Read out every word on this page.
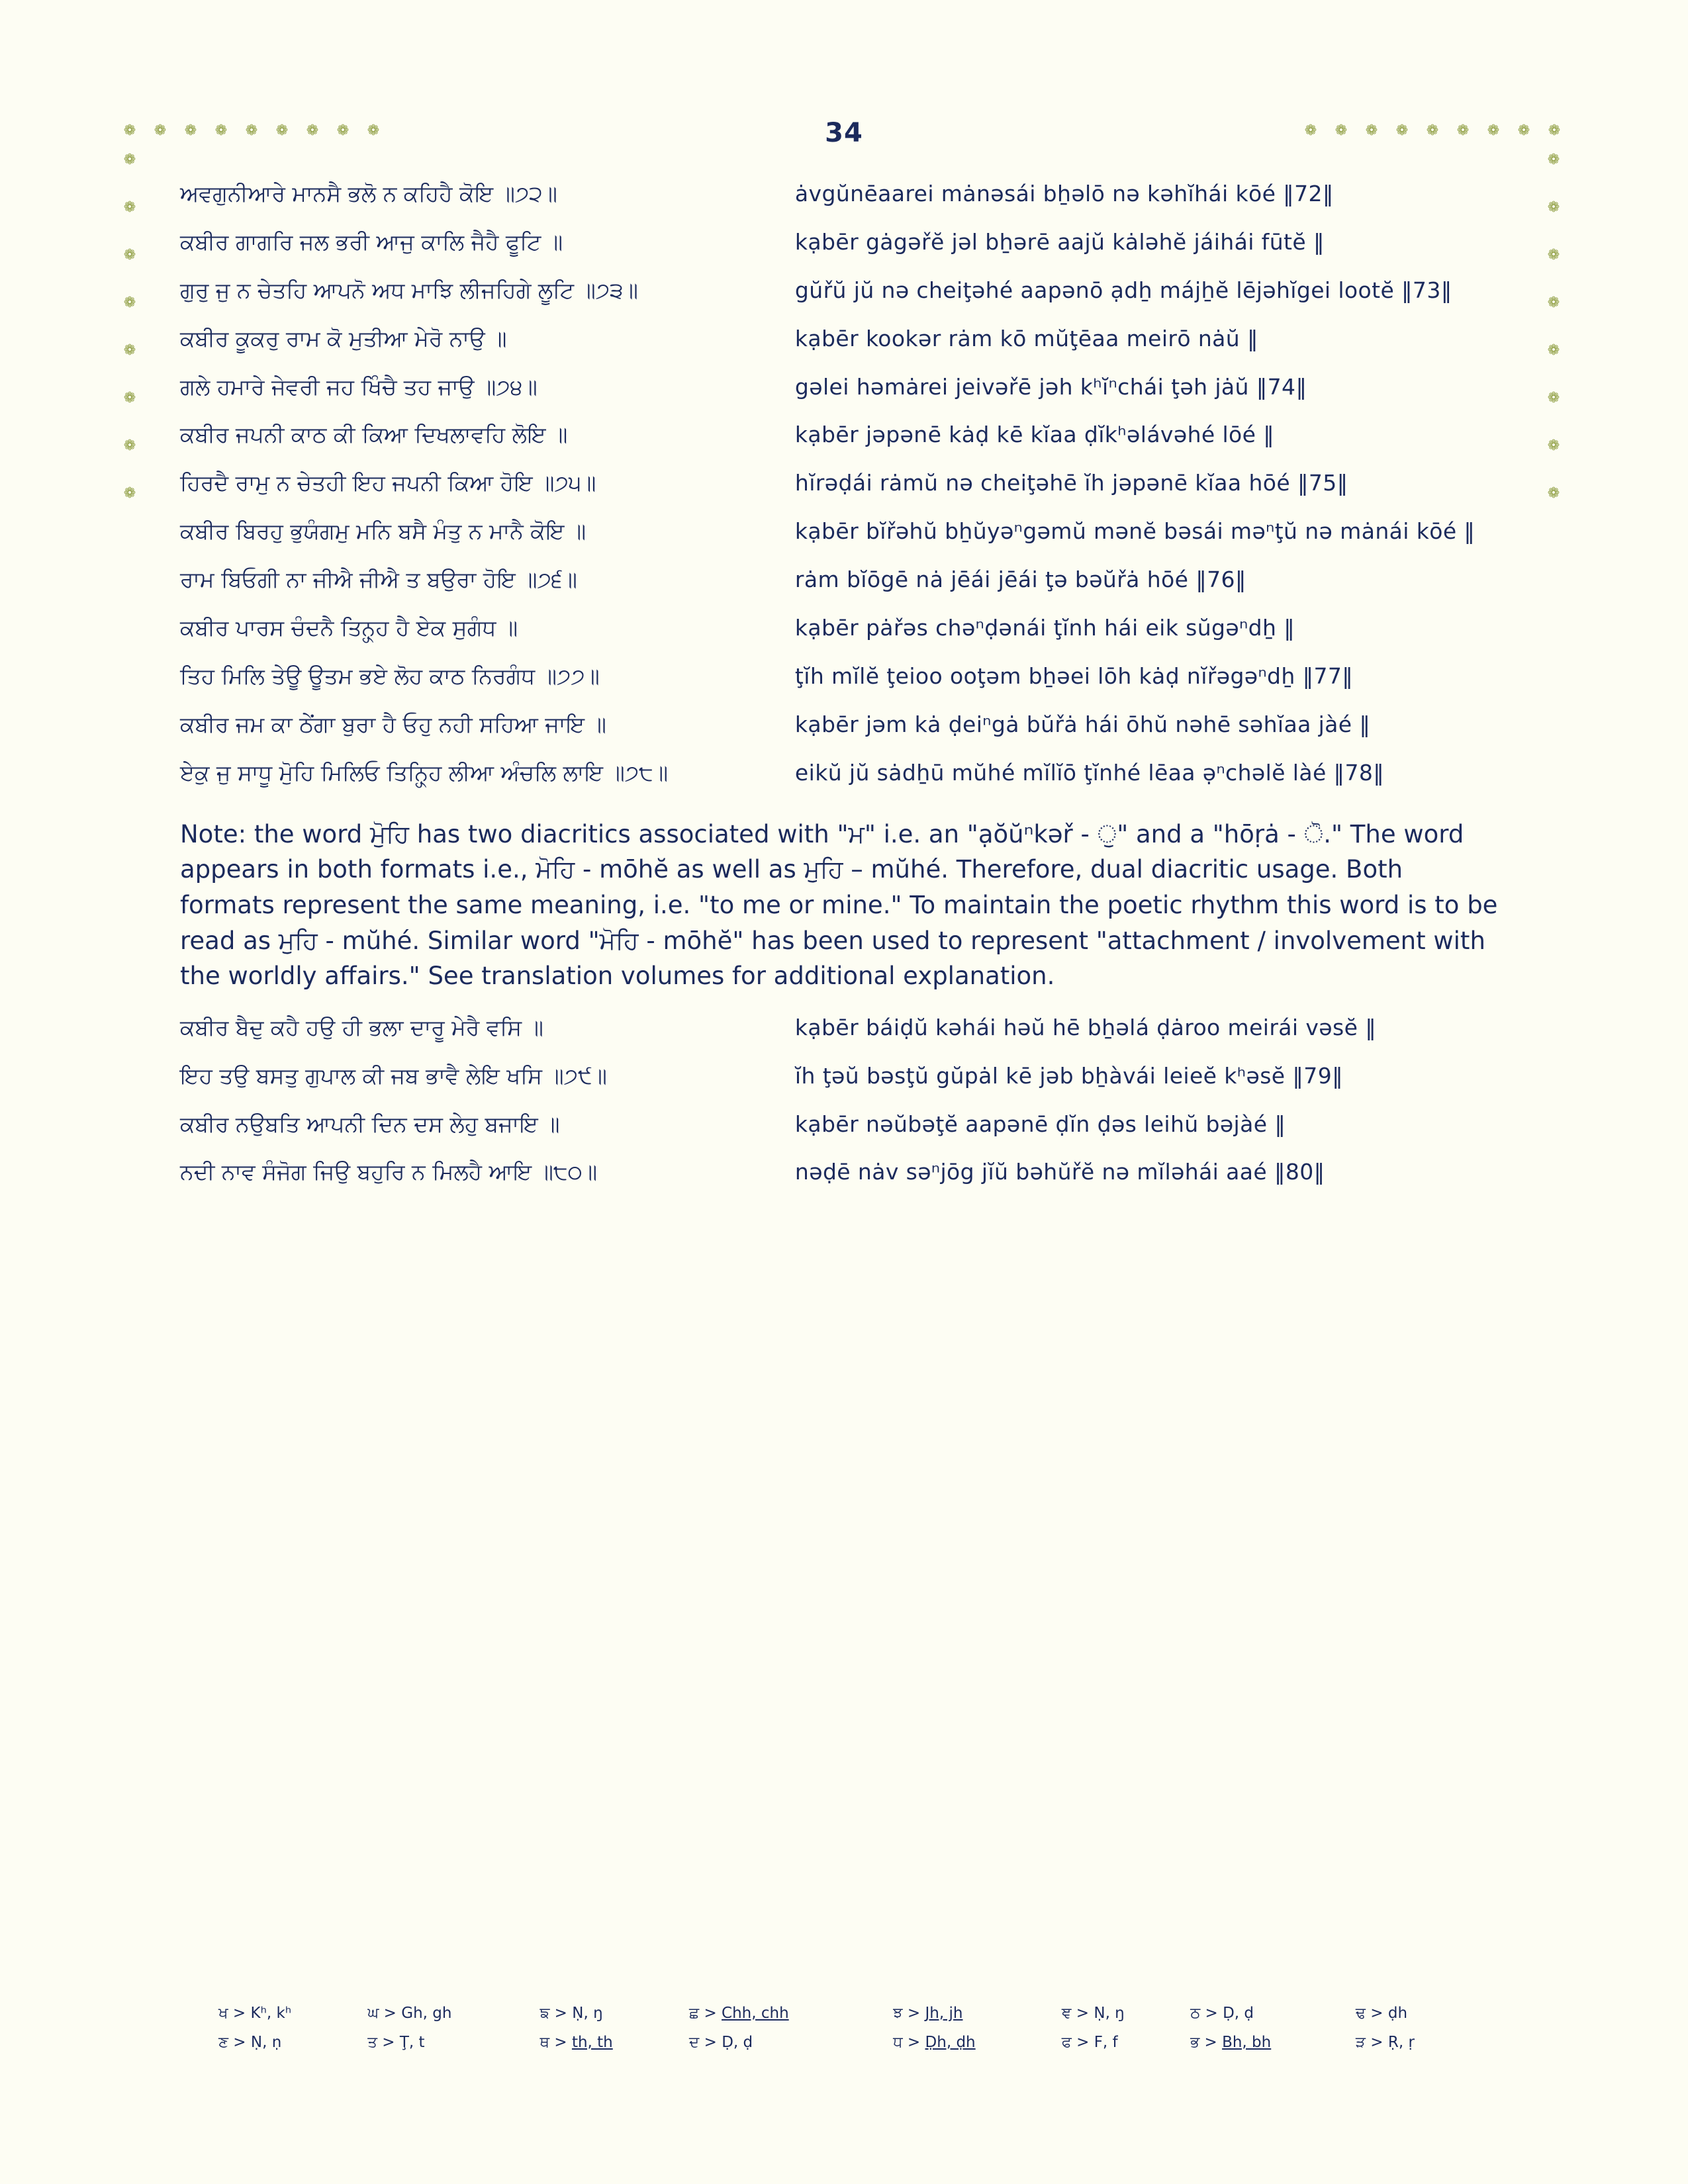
34
❁ ❁ ❁ ❁ ❁ ❁ ❁ ❁ ❁	❁ ❁ ❁ ❁ ❁ ❁ ❁ ❁ ❁
❁
❁
❁
❁
❁
❁
❁
❁
❁
❁
❁
❁
❁
❁
❁
❁
ਅਵਗੁਨੀਆਰੇ ਮਾਨਸੈ ਭਲੋ ਨ ਕਹਿਹੈ ਕੋਇ ॥੭੨॥	ȧvgŭnēaarei mȧnəsái bẖəlō nə kəhĭhái kōé ‖72‖
ਕਬੀਰ ਗਾਗਰਿ ਜਲ ਭਰੀ ਆਜੁ ਕਾਲਿ ਜੈਹੈ ਫੂਟਿ ॥	kạbēr gȧgəřĕ jəl bẖərē aajŭ kȧləhĕ jáihái fūtĕ ‖
ਗੁਰੁ ਜੁ ਨ ਚੇਤਹਿ ਆਪਨੋ ਅਧ ਮਾਝਿ ਲੀਜਹਿਗੇ ਲੂਟਿ ॥੭੩॥	gŭřŭ jŭ nə cheiţəhé aapənō ạdẖ májẖĕ lējəhĭgei lootĕ ‖73‖
ਕਬੀਰ ਕੂਕਰੁ ਰਾਮ ਕੋ ਮੁਤੀਆ ਮੇਰੋ ਨਾਉ ॥	kạbēr kookər rȧm kō mŭţēaa meirō nȧŭ ‖
ਗਲੇ ਹਮਾਰੇ ਜੇਵਰੀ ਜਹ ਖਿੰਚੈ ਤਹ ਜਾਉ ॥੭੪॥	gəlei həmȧrei jeivəřē jəh kʰĭⁿchái ţəh jȧŭ ‖74‖
ਕਬੀਰ ਜਪਨੀ ਕਾਠ ਕੀ ਕਿਆ ਦਿਖਲਾਵਹਿ ਲੋਇ ॥	kạbēr jəpənē kȧḍ kē kĭaa ḍĭkʰəlávəhé lōé ‖
ਹਿਰਦੈ ਰਾਮੁ ਨ ਚੇਤਹੀ ਇਹ ਜਪਨੀ ਕਿਆ ਹੋਇ ॥੭੫॥	hĭrəḍái rȧmŭ nə cheiţəhē ĭh jəpənē kĭaa hōé ‖75‖
ਕਬੀਰ ਬਿਰਹੁ ਭੁਯੰਗਮੁ ਮਨਿ ਬਸੈ ਮੰਤੁ ਨ ਮਾਨੈ ਕੋਇ ॥	kạbēr bĭřəhŭ bẖŭyəⁿgəmŭ mənĕ bəsái məⁿţŭ nə mȧnái kōé ‖
ਰਾਮ ਬਿਓਗੀ ਨਾ ਜੀਐ ਜੀਐ ਤ ਬਉਰਾ ਹੋਇ ॥੭੬॥	rȧm bĭōgē nȧ jēái jēái ţə bəŭřȧ hōé ‖76‖
ਕਬੀਰ ਪਾਰਸ ਚੰਦਨੈ ਤਿਨ੍ਹ੍ਹ ਹੈ ਏਕ ਸੁਗੰਧ ॥	kạbēr pȧřəs chəⁿḍənái ţĭnh hái eik sŭgəⁿdẖ ‖
ਤਿਹ ਮਿਲਿ ਤੇਊ ਊਤਮ ਭਏ ਲੋਹ ਕਾਠ ਨਿਰਗੰਧ ॥੭੭॥	ţĭh mĭlĕ ţeioo ooţəm bẖəei lōh kȧḍ nĭřəgəⁿdẖ ‖77‖
ਕਬੀਰ ਜਮ ਕਾ ਠੇਂਗਾ ਬੁਰਾ ਹੈ ਓਹੁ ਨਹੀ ਸਹਿਆ ਜਾਇ ॥	kạbēr jəm kȧ ḍeiⁿgȧ bŭřȧ hái ōhŭ nəhē səhĭaa jàé ‖
ਏਕੁ ਜੁ ਸਾਧੂ ਮੁੋਹਿ ਮਿਲਿਓ ਤਿਨ੍ਹ੍ਹਿ ਲੀਆ ਅੰਚਲਿ ਲਾਇ ॥੭੮॥	eikŭ jŭ sȧdẖū mŭhé mĭlĭō ţĭnhé lēaa ə̣ⁿchəlĕ làé ‖78‖

Note: the word ਮੁੋਹਿ has two diacritics associated with "ਮ" i.e. an "ạŏŭⁿkəř - ੁ" and a "hōṛȧ - ੋ." The word appears in both formats i.e., ਮੋਹਿ - mōhĕ as well as ਮੁਹਿ – mŭhé. Therefore, dual diacritic usage. Both formats represent the same meaning, i.e. "to me or mine." To maintain the poetic rhythm this word is to be read as ਮੁਹਿ - mŭhé. Similar word "ਮੋਹਿ - mōhĕ" has been used to represent "attachment / involvement with the worldly affairs." See translation volumes for additional explanation.

ਕਬੀਰ ਬੈਦੁ ਕਹੈ ਹਉ ਹੀ ਭਲਾ ਦਾਰੂ ਮੇਰੈ ਵਸਿ ॥	kạbēr báiḍŭ kəhái həŭ hē bẖəlá ḍȧroo meirái vəsĕ ‖
ਇਹ ਤਉ ਬਸਤੁ ਗੁਪਾਲ ਕੀ ਜਬ ਭਾਵੈ ਲੇਇ ਖਸਿ ॥੭੯॥	ĭh ţəŭ bəsţŭ gŭpȧl kē jəb bẖàvái leieĕ kʰəsĕ ‖79‖
ਕਬੀਰ ਨਉਬਤਿ ਆਪਨੀ ਦਿਨ ਦਸ ਲੇਹੁ ਬਜਾਇ ॥	kạbēr nəŭbəţĕ aapənē ḍĭn ḍəs leihŭ bəjàé ‖
ਨਦੀ ਨਾਵ ਸੰਜੋਗ ਜਿਉ ਬਹੁਰਿ ਨ ਮਿਲਹੈ ਆਇ ॥੮੦॥	nəḍē nȧv səⁿjōg jĭŭ bəhŭřĕ nə mĭləhái aaé ‖80‖
ਖ > Kʰ, kʰ	ਘ > Gh, gh	ਙ > Ṇ, ŋ	ਛ > Chh, chh	ਝ > Jh, jh	ਞ > Ṇ, ŋ	ਠ > Ḍ, ḍ	ਢ > ḍh
ਣ > Ṇ, ṇ	ਤ > Ţ, t	ਥ > th, th	ਦ > Ḍ, ḍ	ਧ > Ḍh, ḍh	ਫ > F, f	ਭ > Bh, bh	ੜ > Ṛ, ṛ
